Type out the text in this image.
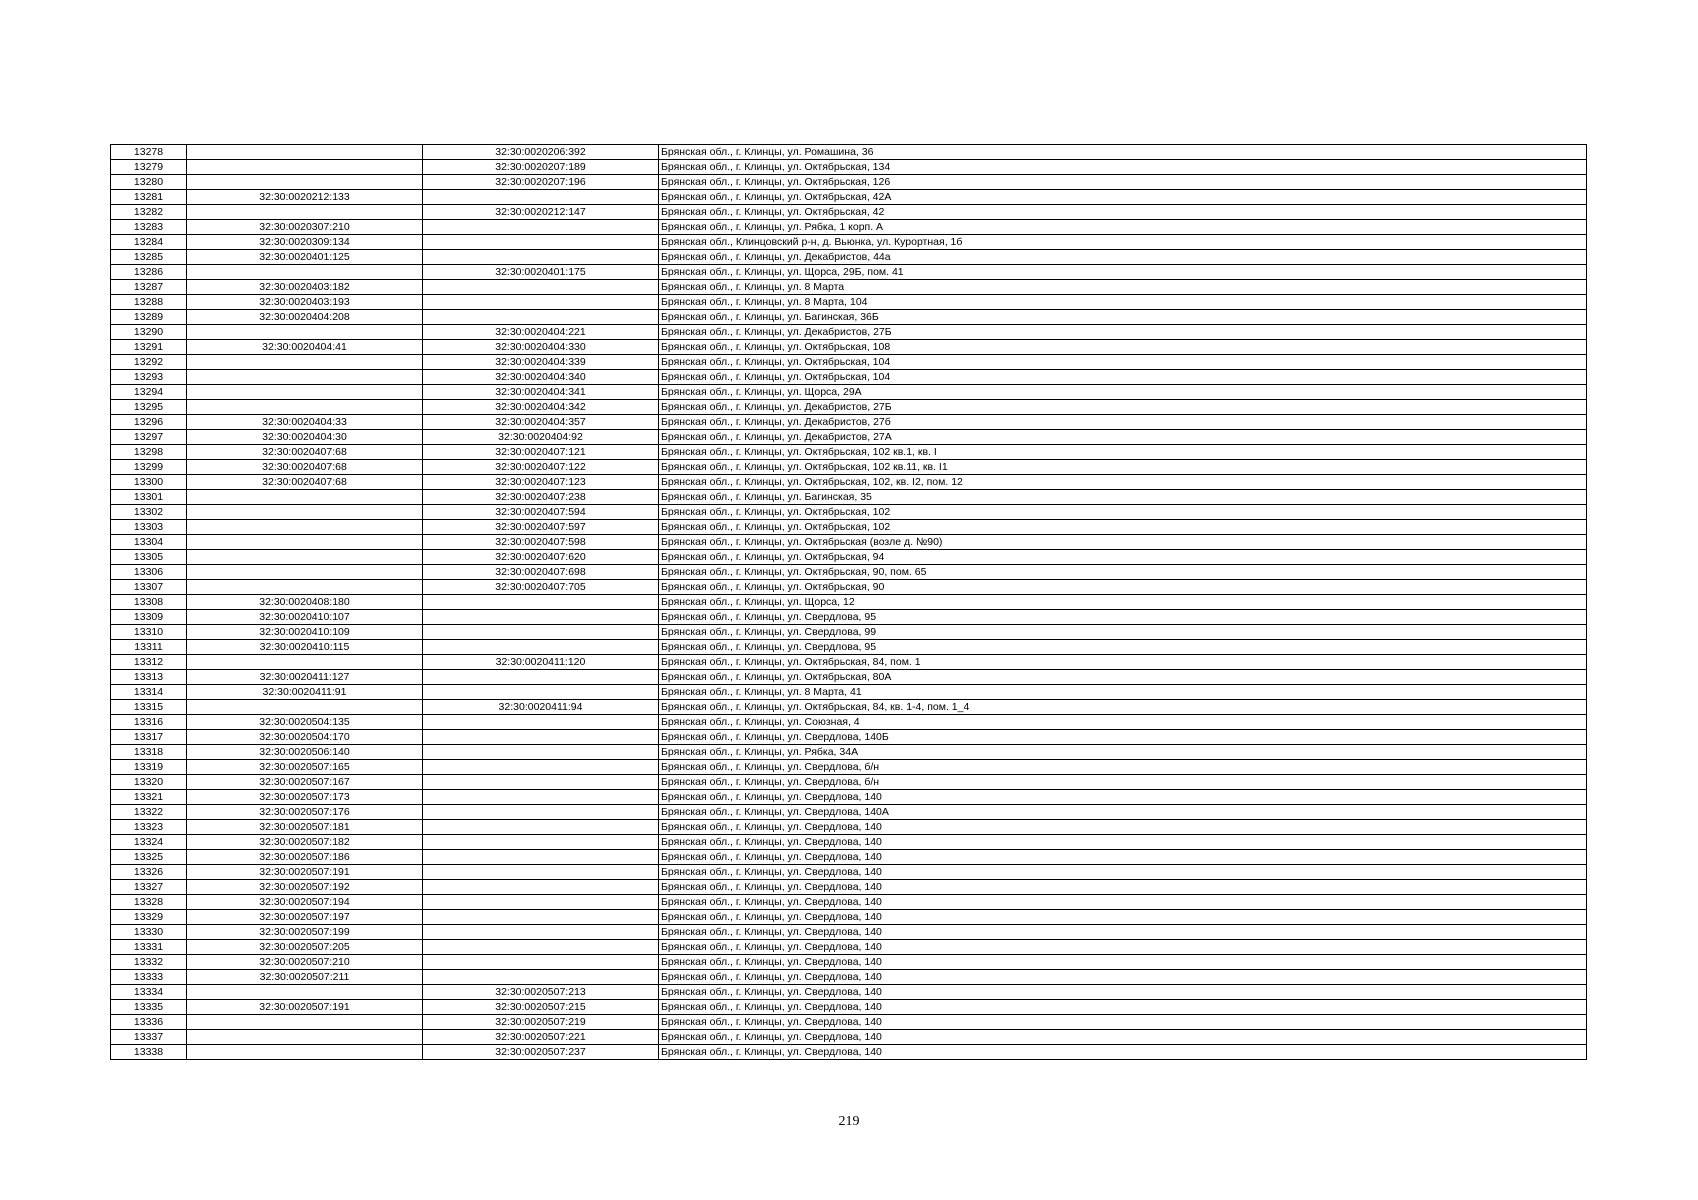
13278		32:30:0020206:392	Брянская обл., г. Клинцы, ул. Ромашина, 36
13279		32:30:0020207:189	Брянская обл., г. Клинцы, ул. Октябрьская, 134
13280		32:30:0020207:196	Брянская обл., г. Клинцы, ул. Октябрьская, 126
13281	32:30:0020212:133		Брянская обл., г. Клинцы, ул. Октябрьская, 42А
13282		32:30:0020212:147	Брянская обл., г. Клинцы, ул. Октябрьская, 42
13283	32:30:0020307:210		Брянская обл., г. Клинцы, ул. Рябка, 1 корп. А
13284	32:30:0020309:134		Брянская обл., Клинцовский р-н, д. Вьюнка, ул. Курортная, 1б
13285	32:30:0020401:125		Брянская обл., г. Клинцы, ул. Декабристов, 44а
13286		32:30:0020401:175	Брянская обл., г. Клинцы, ул. Щорса, 29Б, пом. 41
13287	32:30:0020403:182		Брянская обл., г. Клинцы, ул. 8 Марта
13288	32:30:0020403:193		Брянская обл., г. Клинцы, ул. 8 Марта, 104
13289	32:30:0020404:208		Брянская обл., г. Клинцы, ул. Багинская, 36Б
13290		32:30:0020404:221	Брянская обл., г. Клинцы, ул. Декабристов, 27Б
13291	32:30:0020404:41	32:30:0020404:330	Брянская обл., г. Клинцы, ул. Октябрьская, 108
13292		32:30:0020404:339	Брянская обл., г. Клинцы, ул. Октябрьская, 104
13293		32:30:0020404:340	Брянская обл., г. Клинцы, ул. Октябрьская, 104
13294		32:30:0020404:341	Брянская обл., г. Клинцы, ул. Щорса, 29А
13295		32:30:0020404:342	Брянская обл., г. Клинцы, ул. Декабристов, 27Б
13296	32:30:0020404:33	32:30:0020404:357	Брянская обл., г. Клинцы, ул. Декабристов, 27б
13297	32:30:0020404:30	32:30:0020404:92	Брянская обл., г. Клинцы, ул. Декабристов, 27А
13298	32:30:0020407:68	32:30:0020407:121	Брянская обл., г. Клинцы, ул. Октябрьская, 102 кв.1, кв. I
13299	32:30:0020407:68	32:30:0020407:122	Брянская обл., г. Клинцы, ул. Октябрьская, 102 кв.11, кв. I1
13300	32:30:0020407:68	32:30:0020407:123	Брянская обл., г. Клинцы, ул. Октябрьская, 102, кв. I2, пом. 12
13301		32:30:0020407:238	Брянская обл., г. Клинцы, ул. Багинская, 35
13302		32:30:0020407:594	Брянская обл., г. Клинцы, ул. Октябрьская, 102
13303		32:30:0020407:597	Брянская обл., г. Клинцы, ул. Октябрьская, 102
13304		32:30:0020407:598	Брянская обл., г. Клинцы, ул. Октябрьская (возле д. №90)
13305		32:30:0020407:620	Брянская обл., г. Клинцы, ул. Октябрьская, 94
13306		32:30:0020407:698	Брянская обл., г. Клинцы, ул. Октябрьская, 90, пом. 65
13307		32:30:0020407:705	Брянская обл., г. Клинцы, ул. Октябрьская, 90
13308	32:30:0020408:180		Брянская обл., г. Клинцы, ул. Щорса, 12
13309	32:30:0020410:107		Брянская обл., г. Клинцы, ул. Свердлова, 95
13310	32:30:0020410:109		Брянская обл., г. Клинцы, ул. Свердлова, 99
13311	32:30:0020410:115		Брянская обл., г. Клинцы, ул. Свердлова, 95
13312		32:30:0020411:120	Брянская обл., г. Клинцы, ул. Октябрьская, 84, пом. 1
13313	32:30:0020411:127		Брянская обл., г. Клинцы, ул. Октябрьская, 80А
13314	32:30:0020411:91		Брянская обл., г. Клинцы, ул. 8 Марта, 41
13315		32:30:0020411:94	Брянская обл., г. Клинцы, ул. Октябрьская, 84, кв. 1-4, пом. 1_4
13316	32:30:0020504:135		Брянская обл., г. Клинцы, ул. Союзная, 4
13317	32:30:0020504:170		Брянская обл., г. Клинцы, ул. Свердлова, 140Б
13318	32:30:0020506:140		Брянская обл., г. Клинцы, ул. Рябка, 34А
13319	32:30:0020507:165		Брянская обл., г. Клинцы, ул. Свердлова, б/н
13320	32:30:0020507:167		Брянская обл., г. Клинцы, ул. Свердлова, б/н
13321	32:30:0020507:173		Брянская обл., г. Клинцы, ул. Свердлова, 140
13322	32:30:0020507:176		Брянская обл., г. Клинцы, ул. Свердлова, 140А
13323	32:30:0020507:181		Брянская обл., г. Клинцы, ул. Свердлова, 140
13324	32:30:0020507:182		Брянская обл., г. Клинцы, ул. Свердлова, 140
13325	32:30:0020507:186		Брянская обл., г. Клинцы, ул. Свердлова, 140
13326	32:30:0020507:191		Брянская обл., г. Клинцы, ул. Свердлова, 140
13327	32:30:0020507:192		Брянская обл., г. Клинцы, ул. Свердлова, 140
13328	32:30:0020507:194		Брянская обл., г. Клинцы, ул. Свердлова, 140
13329	32:30:0020507:197		Брянская обл., г. Клинцы, ул. Свердлова, 140
13330	32:30:0020507:199		Брянская обл., г. Клинцы, ул. Свердлова, 140
13331	32:30:0020507:205		Брянская обл., г. Клинцы, ул. Свердлова, 140
13332	32:30:0020507:210		Брянская обл., г. Клинцы, ул. Свердлова, 140
13333	32:30:0020507:211		Брянская обл., г. Клинцы, ул. Свердлова, 140
13334		32:30:0020507:213	Брянская обл., г. Клинцы, ул. Свердлова, 140
13335	32:30:0020507:191	32:30:0020507:215	Брянская обл., г. Клинцы, ул. Свердлова, 140
13336		32:30:0020507:219	Брянская обл., г. Клинцы, ул. Свердлова, 140
13337		32:30:0020507:221	Брянская обл., г. Клинцы, ул. Свердлова, 140
13338		32:30:0020507:237	Брянская обл., г. Клинцы, ул. Свердлова, 140
219
